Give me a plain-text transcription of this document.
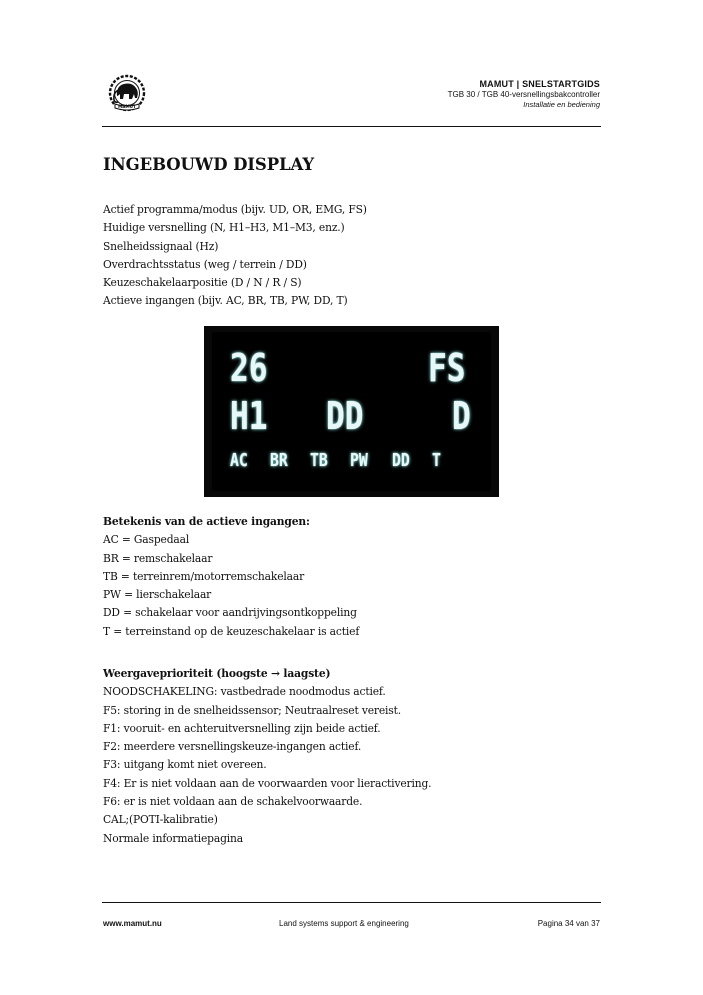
MAMUT
MAMUT | SNELSTARTGIDS
TGB 30 / TGB 40-versnellingsbakcontroller
Installatie en bediening
INGEBOUWD DISPLAY
Actief programma/modus (bijv. UD, OR, EMG, FS)
Huidige versnelling (N, H1–H3, M1–M3, enz.)
Snelheidssignaal (Hz)
Overdrachtsstatus (weg / terrein / DD)
Keuzeschakelaarpositie (D / N / R / S)
Actieve ingangen (bijv. AC, BR, TB, PW, DD, T)
26	FS
H1 DD D
AC BR TB PW DD T
Betekenis van de actieve ingangen:
AC = Gaspedaal
BR = remschakelaar
TB = terreinrem/motorremschakelaar
PW = lierschakelaar
DD = schakelaar voor aandrijvingsontkoppeling
T = terreinstand op de keuzeschakelaar is actief
Weergaveprioriteit (hoogste → laagste)
NOODSCHAKELING: vastbedrade noodmodus actief.
F5: storing in de snelheidssensor; Neutraalreset vereist.
F1: vooruit- en achteruitversnelling zijn beide actief.
F2: meerdere versnellingskeuze-ingangen actief.
F3: uitgang komt niet overeen.
F4: Er is niet voldaan aan de voorwaarden voor lieractivering.
F6: er is niet voldaan aan de schakelvoorwaarde.
CAL;(POTI-kalibratie)
Normale informatiepagina
www.mamut.nu	Land systems support & engineering	Pagina 34 van 37
